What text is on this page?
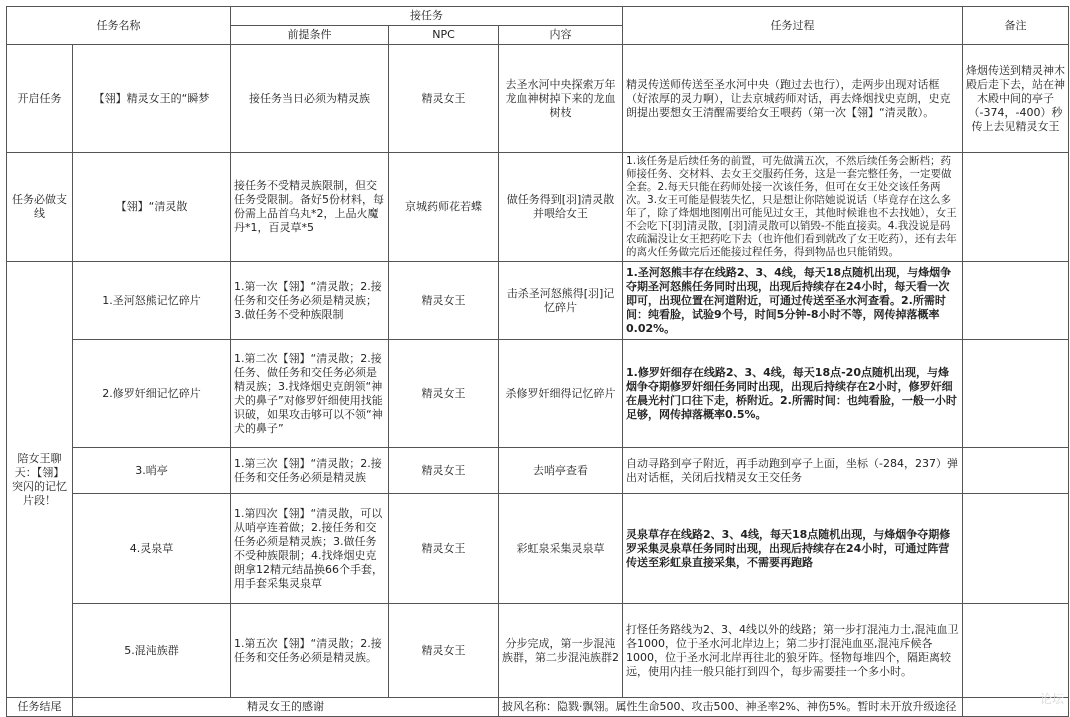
任务名称		接任务			任务过程	备注
		前提条件	NPC	内容		
开启任务	【翎】精灵女王的“瞬梦	接任务当日必须为精灵族	精灵女王	去圣水河中央探索万年龙血神树掉下来的龙血树枝	精灵传送师传送至圣水河中央（跑过去也行），走两步出现对话框（好浓厚的灵力啊），让去京城药师对话，再去烽烟找史克朗，史克朗提出要想女王清醒需要给女王喂药（第一次【翎】“清灵散）。	烽烟传送到精灵神木殿后走下去，站在神木殿中间的亭子（-374，-400）秒传上去见精灵女王
任务必做支线	【翎】“清灵散	接任务不受精灵族限制，但交任务受限制。备好5份材料，每份需上品首乌丸*2，上品火魔丹*1，百灵草*5	京城药师花若蝶	做任务得到[羽]清灵散并喂给女王	1.该任务是后续任务的前置，可先做满五次，不然后续任务会断档；药师接任务、交材料、去女王交服药任务，这是一套完整任务，一定要做全套。2.每天只能在药师处接一次该任务，但可在女王处交该任务两次。3.女王可能是假装失忆，只是想让你陪她说说话（毕竟存在这么多年了，除了烽烟地图刚出可能见过女王，其他时候谁也不去找她），女王不会吃下[羽]清灵散，[羽]清灵散可以销毁-不能直接卖。4.我没说是码农疏漏没让女王把药吃下去（也许他们看到就改了女王吃药），还有去年的离火任务做完后还能接过程任务，得到物品也只能销毁。	
陪女王聊天：【翎】突闪的记忆片段！	1.圣河怒熊记忆碎片	1.第一次【翎】“清灵散；2.接任务和交任务必须是精灵族；3.做任务不受种族限制	精灵女王	击杀圣河怒熊得[羽]记忆碎片	1.圣河怒熊丰存在线路2、3、4线，每天18点随机出现，与烽烟争夺期圣河怒熊任务同时出现，出现后持续存在24小时，每天看一次即可，出现位置在河道附近，可通过传送至圣水河查看。2.所需时间：纯看脸，试验9个号，时间5分钟-8小时不等，网传掉落概率0.02%。	
	2.修罗奸细记忆碎片	1.第二次【翎】“清灵散；2.接任务、做任务和交任务必须是精灵族；3.找烽烟史克朗领“神犬的鼻子”对修罗奸细使用找能识破，如果攻击够可以不领“神犬的鼻子”	精灵女王	杀修罗奸细得记忆碎片	1.修罗奸细存在线路2、3、4线，每天18点-20点随机出现，与烽烟争夺期修罗奸细任务同时出现，出现后持续存在2小时，修罗奸细在晨光村门口往下走，桥附近。2.所需时间：也纯看脸，一般一小时足够，网传掉落概率0.5%。	
	3.哨亭	1.第三次【翎】“清灵散；2.接任务和交任务必须是精灵族	精灵女王	去哨亭查看	自动寻路到亭子附近，再手动跑到亭子上面，坐标（-284，237）弹出对话框，关闭后找精灵女王交任务	
	4.灵泉草	1.第四次【翎】“清灵散，可以从哨亭连着做；2.接任务和交任务必须是精灵族；3.做任务不受种族限制；4.找烽烟史克朗拿12精元结晶换66个手套，用手套采集灵泉草	精灵女王	彩虹泉采集灵泉草	灵泉草存在线路2、3、4线，每天18点随机出现，与烽烟争夺期修罗采集灵泉草任务同时出现，出现后持续存在24小时，可通过阵营传送至彩虹泉直接采集，不需要再跑路	
	5.混沌族群	1.第五次【翎】“清灵散；2.接任务和交任务必须是精灵族。	精灵女王	分步完成，第一步混沌族群，第二步混沌族群2	打怪任务路线为2、3、4线以外的线路；第一步打混沌力士,混沌血卫各1000，位于圣水河北岸边上；第二步打混沌血巫,混沌斥候各1000，位于圣水河北岸再往北的狼牙阵。怪物每堆四个，隔距离较远，使用内挂一般只能打到四个，每步需要挂一个多小时。	
任务结尾	精灵女王的感谢			披风名称：隐戮·飘翎。属性生命500、攻击500、神圣率2%、神伤5%。暂时未开放升级途径		
论坛
